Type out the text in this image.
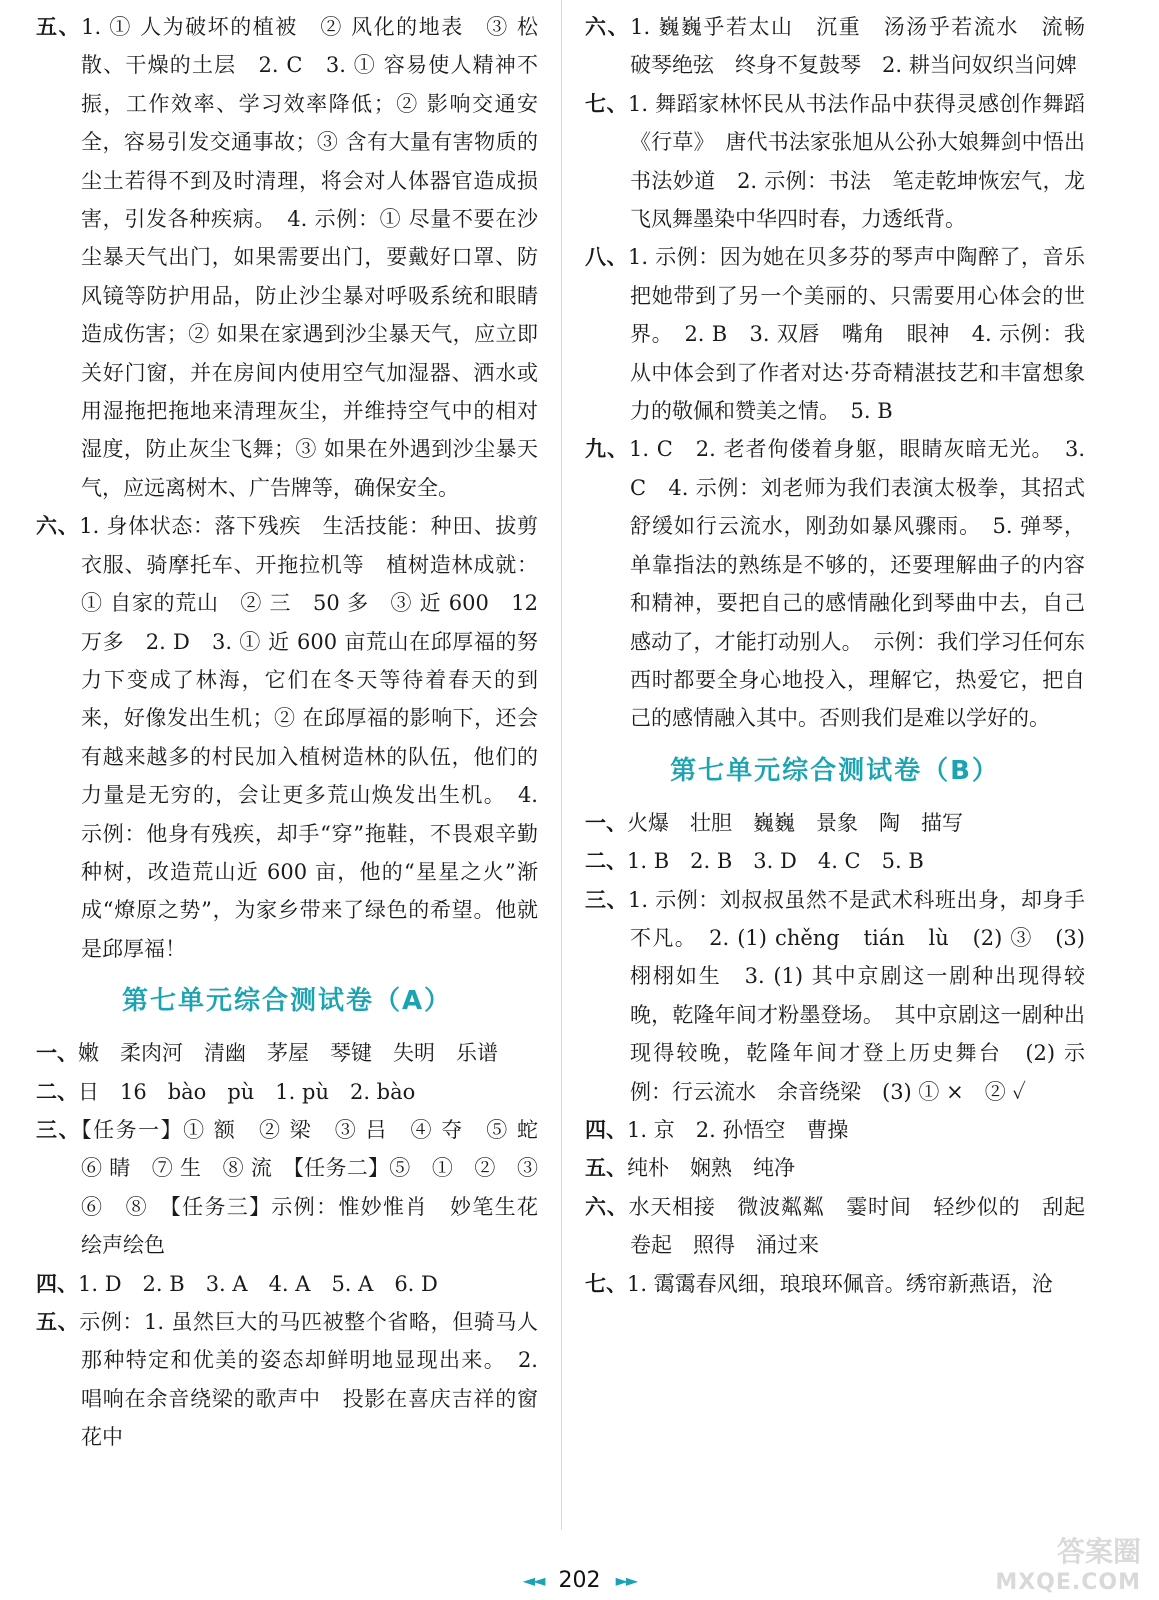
五、1. ① 人为破坏的植被　② 风化的地表　③ 松散、干燥的土层　2. C　3. ① 容易使人精神不振，工作效率、学习效率降低；② 影响交通安全，容易引发交通事故；③ 含有大量有害物质的尘土若得不到及时清理，将会对人体器官造成损害，引发各种疾病。　4. 示例：① 尽量不要在沙尘暴天气出门，如果需要出门，要戴好口罩、防风镜等防护用品，防止沙尘暴对呼吸系统和眼睛造成伤害；② 如果在家遇到沙尘暴天气，应立即关好门窗，并在房间内使用空气加湿器、洒水或用湿拖把拖地来清理灰尘，并维持空气中的相对湿度，防止灰尘飞舞；③ 如果在外遇到沙尘暴天气，应远离树木、广告牌等，确保安全。

六、1. 身体状态：落下残疾　生活技能：种田、拔剪衣服、骑摩托车、开拖拉机等　植树造林成就：① 自家的荒山　② 三　50 多　③ 近 600　12 万多　2. D　3. ① 近 600 亩荒山在邱厚福的努力下变成了林海，它们在冬天等待着春天的到来，好像发出生机；② 在邱厚福的影响下，还会有越来越多的村民加入植树造林的队伍，他们的力量是无穷的，会让更多荒山焕发出生机。　4. 示例：他身有残疾，却手“穿”拖鞋，不畏艰辛勤种树，改造荒山近 600 亩，他的“星星之火”渐成“燎原之势”，为家乡带来了绿色的希望。他就是邱厚福！

第七单元综合测试卷（A）

一、嫩　柔肉河　清幽　茅屋　琴键　失明　乐谱

二、日　16　bào　pù　1. pù　2. bào

三、【任务一】① 额　② 梁　③ 吕　④ 夺　⑤ 蛇　⑥ 睛　⑦ 生　⑧ 流　【任务二】⑤　①　②　③　⑥　⑧　【任务三】示例：惟妙惟肖　妙笔生花　绘声绘色

四、1. D　2. B　3. A　4. A　5. A　6. D

五、示例：1. 虽然巨大的马匹被整个省略，但骑马人那种特定和优美的姿态却鲜明地显现出来。　2. 唱响在余音绕梁的歌声中　投影在喜庆吉祥的窗花中

六、1. 巍巍乎若太山　沉重　汤汤乎若流水　流畅　破琴绝弦　终身不复鼓琴　2. 耕当问奴织当问婢

七、1. 舞蹈家林怀民从书法作品中获得灵感创作舞蹈《行草》　唐代书法家张旭从公孙大娘舞剑中悟出书法妙道　2. 示例：书法　笔走乾坤恢宏气，龙飞凤舞墨染中华四时春，力透纸背。

八、1. 示例：因为她在贝多芬的琴声中陶醉了，音乐把她带到了另一个美丽的、只需要用心体会的世界。　2. B　3. 双唇　嘴角　眼神　4. 示例：我从中体会到了作者对达·芬奇精湛技艺和丰富想象力的敬佩和赞美之情。　5. B

九、1. C　2. 老者佝偻着身躯，眼睛灰暗无光。　3. C　4. 示例：刘老师为我们表演太极拳，其招式舒缓如行云流水，刚劲如暴风骤雨。　5. 弹琴，单靠指法的熟练是不够的，还要理解曲子的内容和精神，要把自己的感情融化到琴曲中去，自己感动了，才能打动别人。　示例：我们学习任何东西时都要全身心地投入，理解它，热爱它，把自己的感情融入其中。否则我们是难以学好的。

第七单元综合测试卷（B）

一、火爆　壮胆　巍巍　景象　陶　描写

二、1. B　2. B　3. D　4. C　5. B

三、1. 示例：刘叔叔虽然不是武术科班出身，却身手不凡。　2. (1) chěng　tián　lù　(2) ③　(3) 栩栩如生　3. (1) 其中京剧这一剧种出现得较晚，乾隆年间才粉墨登场。　其中京剧这一剧种出现得较晚，乾隆年间才登上历史舞台　(2) 示例：行云流水　余音绕梁　(3) ① ×　② ✓

四、1. 京　2. 孙悟空　曹操

五、纯朴　娴熟　纯净

六、水天相接　微波粼粼　霎时间　轻纱似的　刮起　卷起　照得　涌过来

七、1. 霭霭春风细，琅琅环佩音。绣帘新燕语，沧

◄◄ 202 ►►
答案圈
MXQE.COM
